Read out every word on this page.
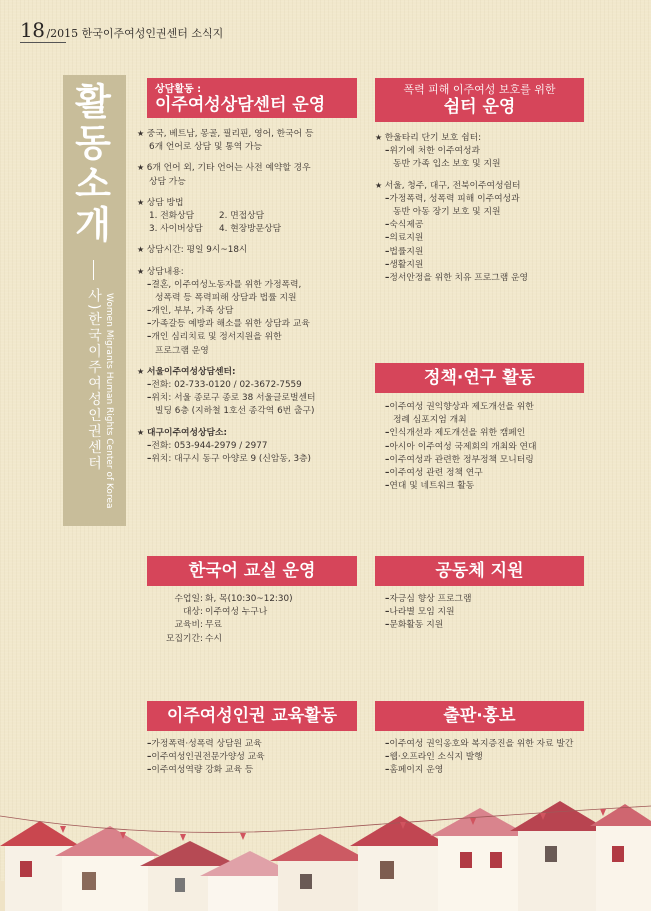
18 /2015 한국이주여성인권센터 소식지
활동소개
사)한국이주여성인권센터 Women Migrants Human Rights Center of Korea
상담활동 :
이주여성상담센터 운영
★ 중국, 베트남, 몽골, 필리핀, 영어, 한국어 등
6개 언어로 상담 및 통역 가능
★ 6개 언어 외, 기타 언어는 사전 예약할 경우
상담 가능
★ 상담 방법
1. 전화상담	2. 면접상담
3. 사이버상담	4. 현장방문상담
★ 상담시간: 평일 9시~18시
★ 상담내용:
– 결혼, 이주여성노동자를 위한 가정폭력,
성폭력 등 폭력피해 상담과 법률 지원
– 개인, 부부, 가족 상담
– 가족갈등 예방과 해소를 위한 상담과 교육
– 개인 심리치료 및 정서지원을 위한
프로그램 운영
★ 서울이주여성상담센터:
– 전화: 02-733-0120 / 02-3672-7559
– 위치: 서울 종로구 종로 38 서울글로벌센터
빌딩 6층 (지하철 1호선 종각역 6번 출구)
★ 대구이주여성상담소:
– 전화: 053-944-2979 / 2977
– 위치: 대구시 동구 아양로 9 (신암동, 3층)
폭력 피해 이주여성 보호를 위한
쉼터 운영
★ 한울타리 단기 보호 쉼터:
– 위기에 처한 이주여성과
동반 가족 입소 보호 및 지원
★ 서울, 청주, 대구, 전북이주여성쉼터
– 가정폭력, 성폭력 피해 이주여성과
동반 아동 장기 보호 및 지원
– 숙식제공
– 의료지원
– 법률지원
– 생활지원
– 정서안정을 위한 치유 프로그램 운영
정책·연구 활동
– 이주여성 권익향상과 제도개선을 위한
정례 심포지엄 개최
– 인식개선과 제도개선을 위한 캠페인
– 아시아 이주여성 국제회의 개최와 연대
– 이주여성과 관련한 정부정책 모니터링
– 이주여성 관련 정책 연구
– 연대 및 네트워크 활동
한국어 교실 운영
수업일: 화, 목(10:30~12:30)
대상: 이주여성 누구나
교육비: 무료
모집기간: 수시
공동체 지원
– 자긍심 향상 프로그램
– 나라별 모임 지원
– 문화활동 지원
이주여성인권 교육활동
– 가정폭력·성폭력 상담원 교육
– 이주여성인권전문가양성 교육
– 이주여성역량 강화 교육 등
출판·홍보
– 이주여성 권익옹호와 복지증진을 위한 자료 발간
– 웹·오프라인 소식지 발행
– 홈페이지 운영
